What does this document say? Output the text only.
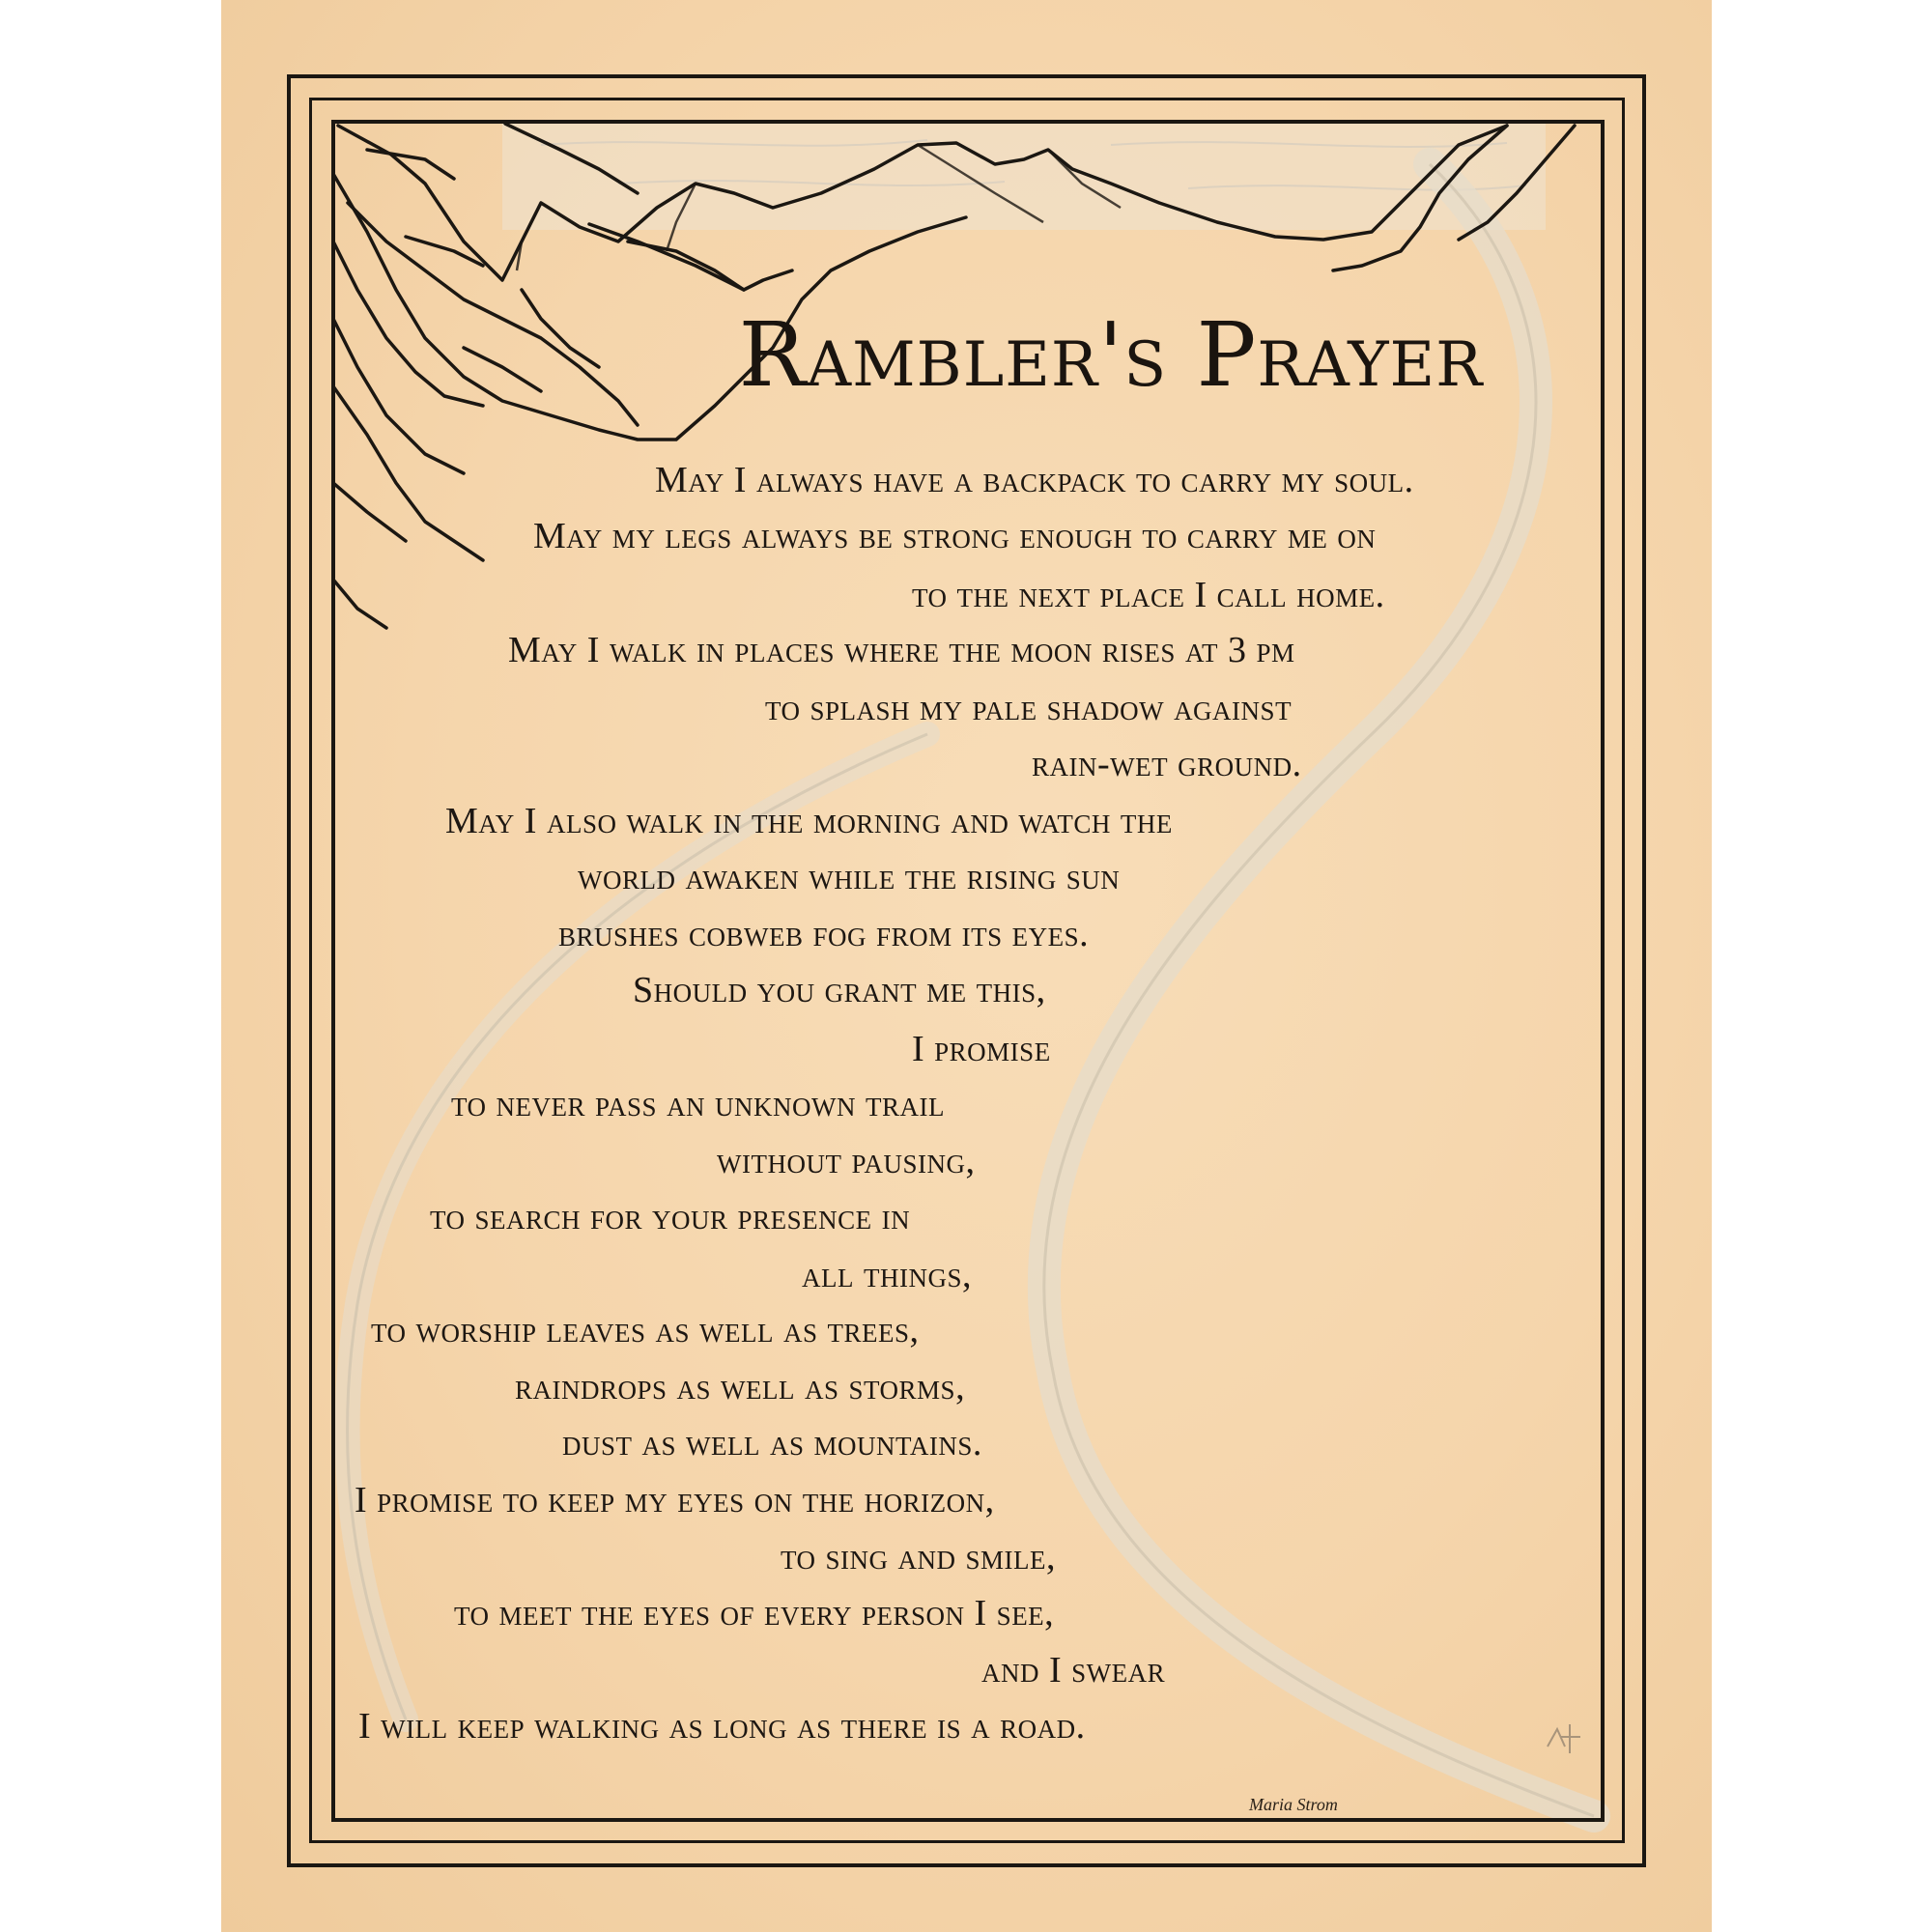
Rambler's Prayer
May I always have a backpack to carry my soul.
May my legs always be strong enough to carry me on
to the next place I call home.
May I walk in places where the moon rises at 3 pm
to splash my pale shadow against
rain-wet ground.
May I also walk in the morning and watch the
world awaken while the rising sun
brushes cobweb fog from its eyes.
Should you grant me this,
I promise
to never pass an unknown trail
without pausing,
to search for your presence in
all things,
to worship leaves as well as trees,
raindrops as well as storms,
dust as well as mountains.
I promise to keep my eyes on the horizon,
to sing and smile,
to meet the eyes of every person I see,
and I swear
I will keep walking as long as there is a road.
Maria Strom
